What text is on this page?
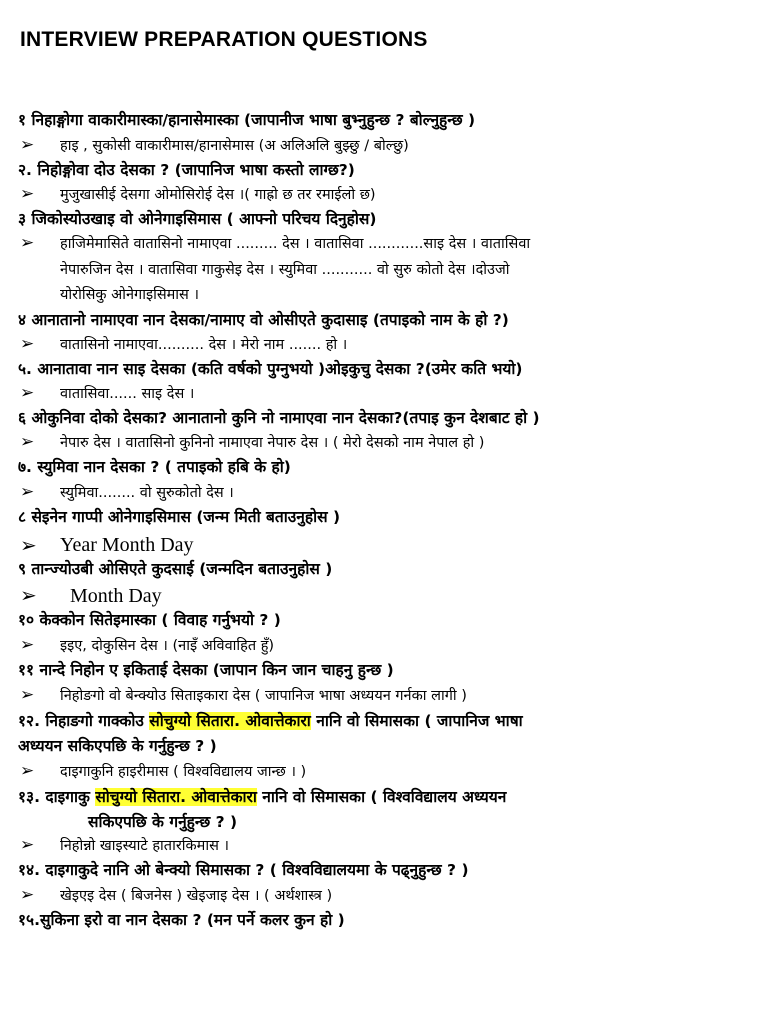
INTERVIEW PREPARATION QUESTIONS
१ निहाङ्गोगा वाकारीमास्का/हानासेमास्का (जापानीज भाषा बुभ्नुहुन्छ ? बोल्नुहुन्छ )
➢ हाइ , सुकोसी वाकारीमास/हानासेमास (अ अलिअलि बुझ्छु / बोल्छु)
२. निहोङ्गोवा दोउ देसका ? (जापानिज भाषा कस्तो लाग्छ?)
➢ मुजुखासीई देसगा ओमोसिरोई देस ।( गाह्रो छ तर रमाईलो छ)
३ जिकोस्योउखाइ वो ओनेगाइसिमास ( आफ्नो परिचय दिनुहोस)
➢ हाजिमेमासिते वातासिनो नामाएवा ......... देस । वातासिवा ............साइ देस । वातासिवा
नेपारुजिन देस । वातासिवा गाकुसेइ देस । स्युमिवा ........... वो सुरु कोतो देस ।दोउजो
योरोसिकु ओनेगाइसिमास ।
४ आनातानो नामाएवा नान देसका/नामाए वो ओसीएते कुदासाइ (तपाइको नाम के हो ?)
➢ वातासिनो नामाएवा.......... देस । मेरो नाम ....... हो ।
५. आनातावा नान साइ देसका (कति वर्षको पुग्नुभयो )ओइकुचु देसका ?(उमेर कति भयो)
➢ वातासिवा...... साइ देस ।
६ ओकुनिवा दोको देसका? आनातानो कुनि नो नामाएवा नान देसका?(तपाइ कुन देशबाट हो )
➢ नेपारु देस । वातासिनो कुनिनो नामाएवा नेपारु देस । ( मेरो देसको नाम नेपाल हो )
७. स्युमिवा नान देसका ? ( तपाइको हबि के हो)
➢ स्युमिवा........ वो सुरुकोतो देस ।
८ सेइनेन गाप्पी ओनेगाइसिमास (जन्म मिती बताउनुहोस )
➢ Year Month Day
९ तान्ज्योउबी ओसिएते कुदसाई (जन्मदिन बताउनुहोस )
➢ Month Day
१० केक्कोन सितेइमास्का ( विवाह गर्नुभयो ? )
➢ इइए, दोकुसिन देस । (नाइँ अविवाहित हुँ)
११ नान्दे निहोन ए इकिताई देसका (जापान किन जान चाहनु हुन्छ )
➢ निहोङगो वो बेन्क्योउ सिताइकारा देस ( जापानिज भाषा अध्ययन गर्नका लागी )
१२. निहाङगो गाक्कोउ सोचुग्यो सितारा. ओवात्तेकारा नानि वो सिमासका ( जापानिज भाषा
अध्ययन सकिएपछि के गर्नुहुन्छ ? )
➢ दाइगाकुनि हाइरीमास ( विश्वविद्यालय जान्छ । )
१३. दाइगाकु सोचुग्यो सितारा. ओवात्तेकारा नानि वो सिमासका ( विश्वविद्यालय अध्ययन
सकिएपछि के गर्नुहुन्छ ? )
➢ निहोन्नो खाइस्याटे हातारकिमास ।
१४. दाइगाकुदे नानि ओ बेन्क्यो सिमासका ? ( विश्वविद्यालयमा के पढ्नुहुन्छ ? )
➢ खेइएइ देस ( बिजनेस ) खेइजाइ देस । ( अर्थशास्त्र )
१५.सुकिना इरो वा नान देसका ? (मन पर्ने कलर कुन हो )
